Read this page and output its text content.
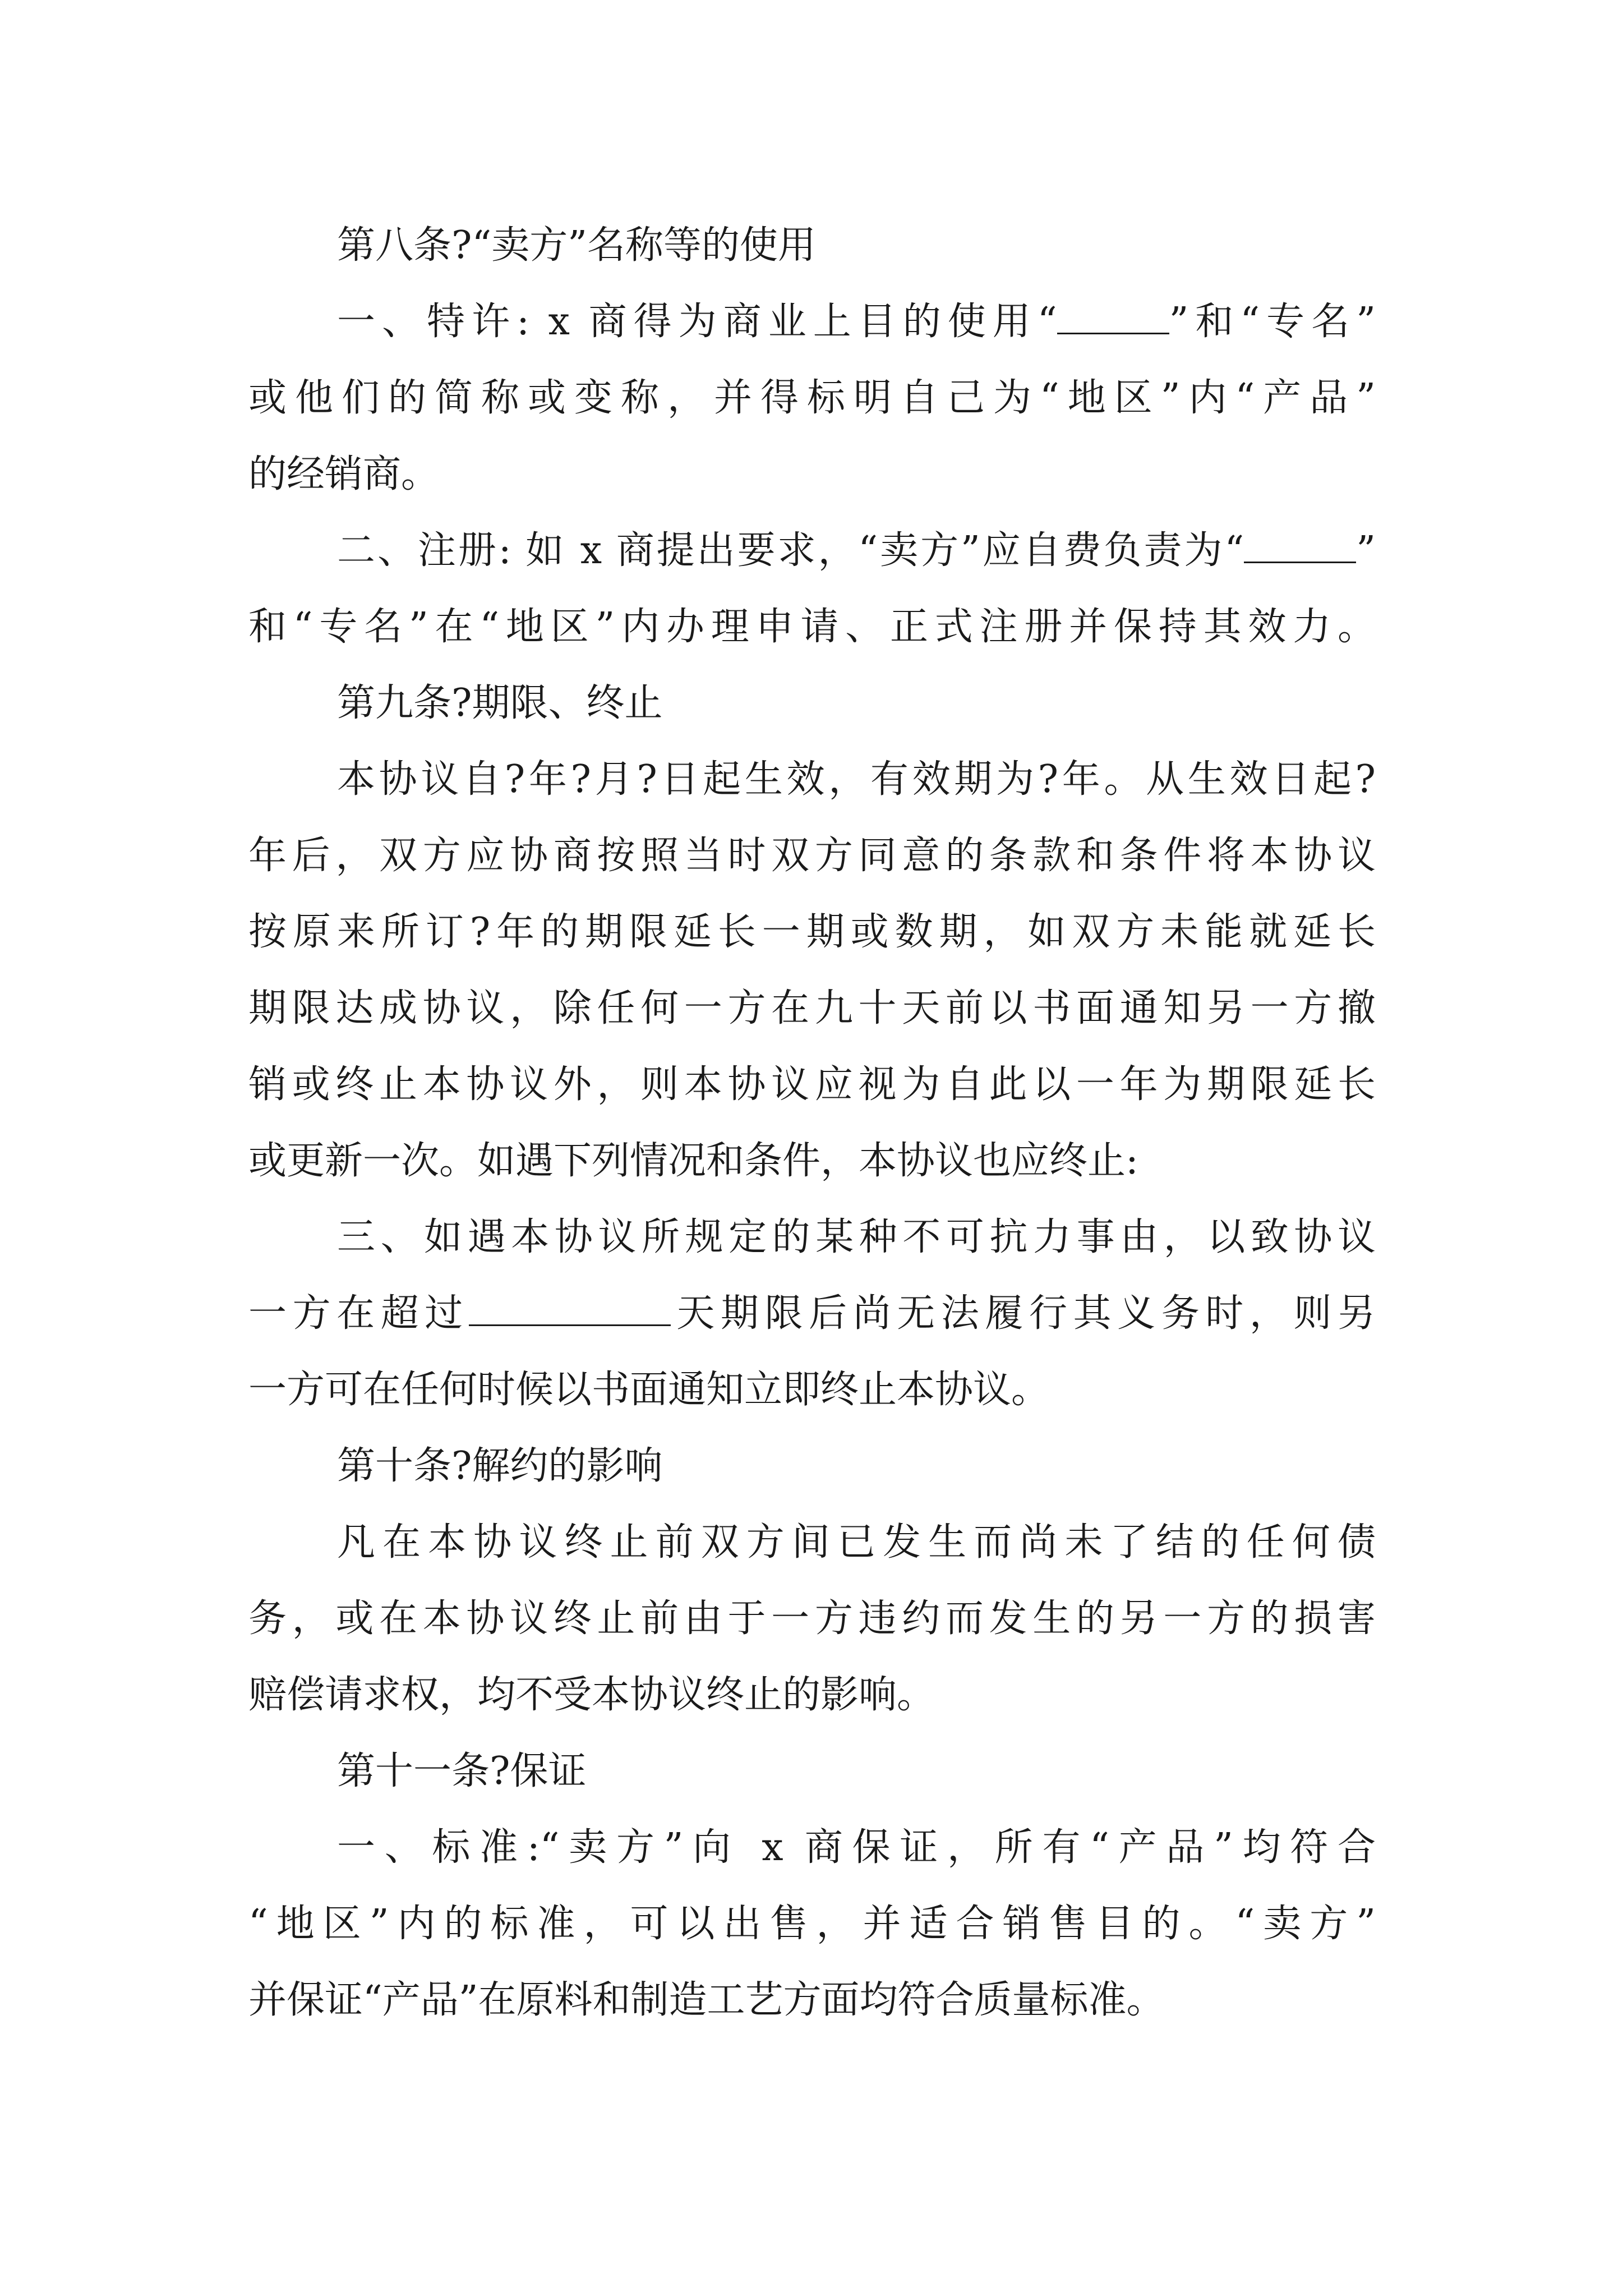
第八条?“卖方”名称等的使用
一、特许: x 商得为商业上目的使用“	”和“专名”
或他们的简称或变称，并得标明自己为“地区”内“产品”
的经销商。
二、注册: 如 x 商提出要求，“卖方”应自费负责为“	”
和“专名”在“地区”内办理申请、正式注册并保持其效力。
第九条?期限、终止
本协议自?年?月?日起生效，有效期为?年。从生效日起?
年后，双方应协商按照当时双方同意的条款和条件将本协议
按原来所订?年的期限延长一期或数期，如双方未能就延长
期限达成协议，除任何一方在九十天前以书面通知另一方撤
销或终止本协议外，则本协议应视为自此以一年为期限延长
或更新一次。如遇下列情况和条件，本协议也应终止:
三、如遇本协议所规定的某种不可抗力事由，以致协议
一方在超过	天期限后尚无法履行其义务时，则另
一方可在任何时候以书面通知立即终止本协议。
第十条?解约的影响
凡在本协议终止前双方间已发生而尚未了结的任何债
务，或在本协议终止前由于一方违约而发生的另一方的损害
赔偿请求权，均不受本协议终止的影响。
第十一条?保证
一、标准:“卖方”向 x 商保证，所有“产品”均符合
“地区”内的标准，可以出售，并适合销售目的。“卖方”
并保证“产品”在原料和制造工艺方面均符合质量标准。
